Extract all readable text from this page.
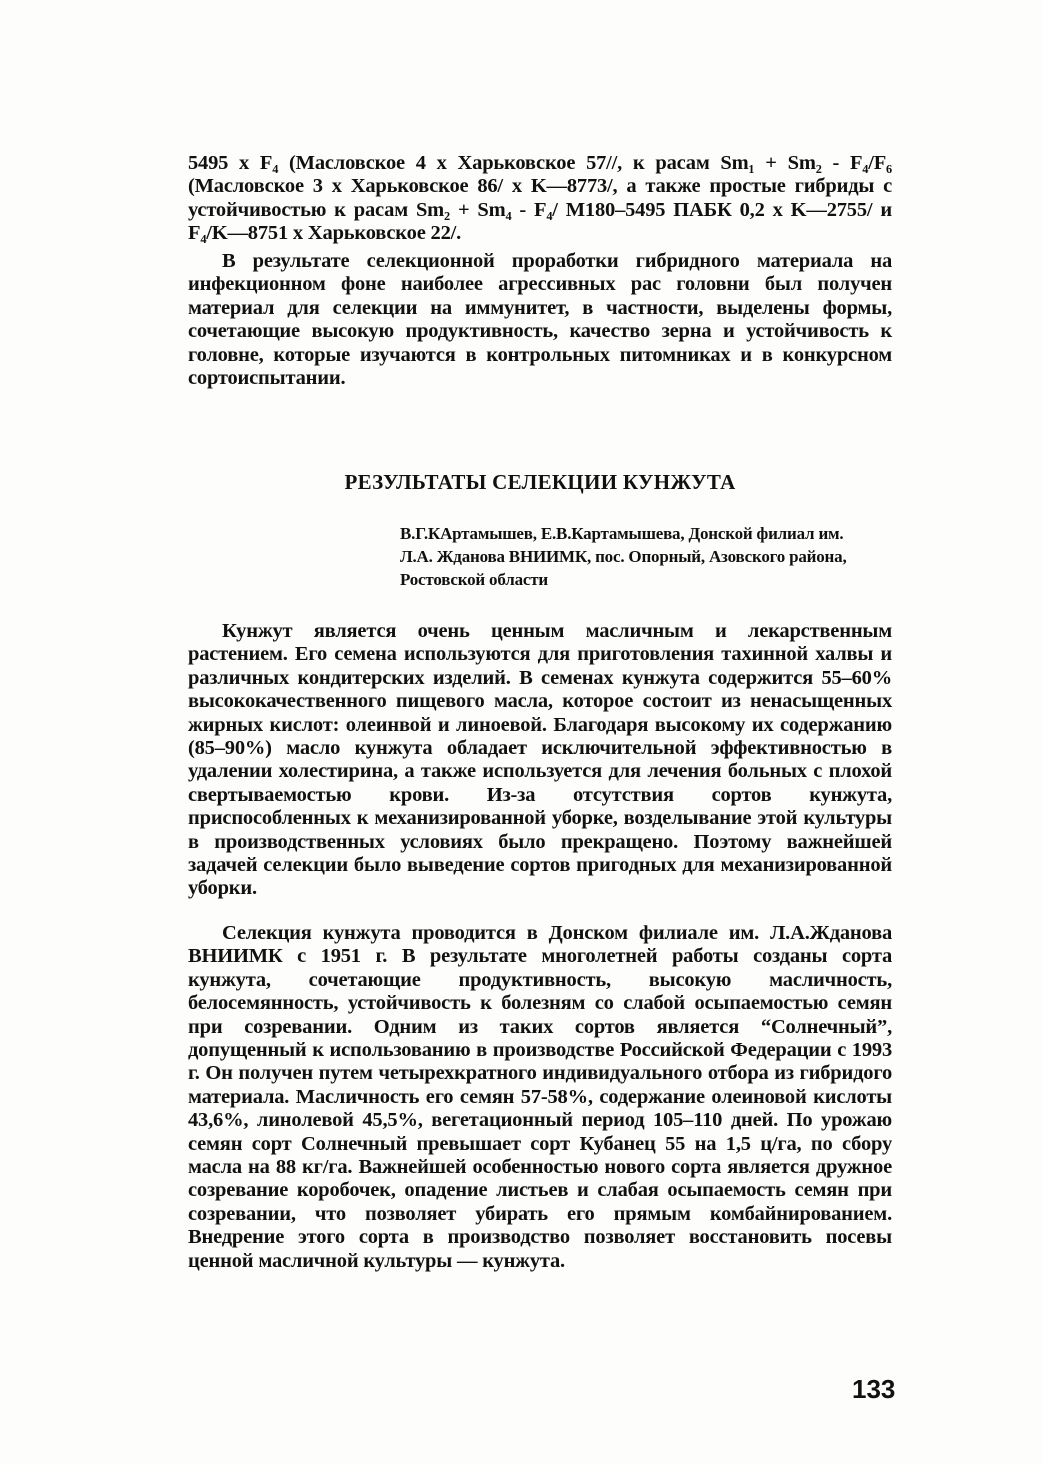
5495 x F₄ (Масловское 4 x Харьковское 57//, к расам Sm₁ + Sm₂ - F₄/F₆ (Масловское 3 x Харьковское 86/ x K—8773/, а также простые гибриды с устойчивостью к расам Sm₂ + Sm₄ - F₄/ M180–5495 ПАБК 0,2 x K—2755/ и F₄/K—8751 x Харьковское 22/.

В результате селекционной проработки гибридного материала на инфекционном фоне наиболее агрессивных рас головни был получен материал для селекции на иммунитет, в частности, выделены формы, сочетающие высокую продуктивность, качество зерна и устойчивость к головне, которые изучаются в контрольных питомниках и в конкурсном сортоиспытании.

РЕЗУЛЬТАТЫ СЕЛЕКЦИИ КУНЖУТА
В.Г.КАртамышев, Е.В.Картамышева, Донской филиал им. Л.А. Жданова ВНИИМК, пос. Опорный, Азовского района, Ростовской области

Кунжут является очень ценным масличным и лекарственным растением. Его семена используются для приготовления тахинной халвы и различных кондитерских изделий. В семенах кунжута содержится 55–60% высококачественного пищевого масла, которое состоит из ненасыщенных жирных кислот: олеинвой и линоевой. Благодаря высокому их содержанию (85–90%) масло кунжута обладает исключительной эффективностью в удалении холестирина, а также используется для лечения больных с плохой свертываемостью крови. Из-за отсутствия сортов кунжута, приспособленных к механизированной уборке, возделывание этой культуры в производственных условиях было прекращено. Поэтому важнейшей задачей селекции было выведение сортов пригодных для механизированной уборки.

Селекция кунжута проводится в Донском филиале им. Л.А.Жданова ВНИИМК с 1951 г. В результате многолетней работы созданы сорта кунжута, сочетающие продуктивность, высокую масличность, белосемянность, устойчивость к болезням со слабой осыпаемостью семян при созревании. Одним из таких сортов является “Солнечный”, допущенный к использованию в производстве Российской Федерации с 1993 г. Он получен путем четырехкратного индивидуального отбора из гибридого материала. Масличность его семян 57-58%, содержание олеиновой кислоты 43,6%, линолевой 45,5%, вегетационный период 105–110 дней. По урожаю семян сорт Солнечный превышает сорт Кубанец 55 на 1,5 ц/га, по сбору масла на 88 кг/га. Важнейшей особенностью нового сорта является дружное созревание коробочек, опадение листьев и слабая осыпаемость семян при созревании, что позволяет убирать его прямым комбайнированием. Внедрение этого сорта в производство позволяет восстановить посевы ценной масличной культуры — кунжута.

133
